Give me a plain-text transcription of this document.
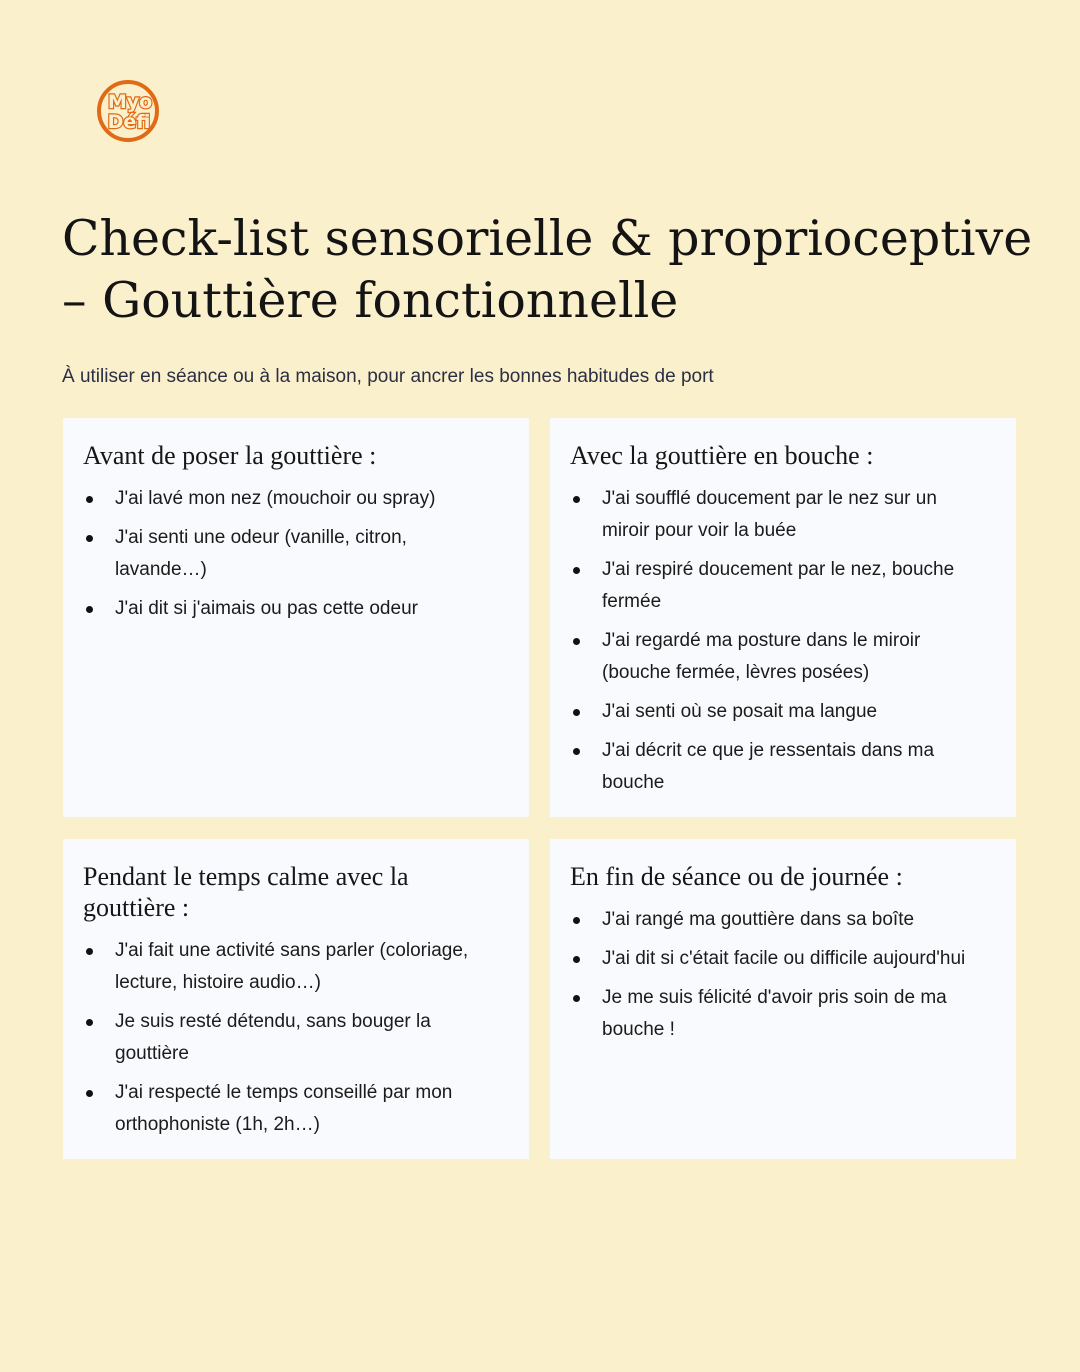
Myo
Défi
Check-list sensorielle & proprioceptive – Gouttière fonctionnelle

À utiliser en séance ou à la maison, pour ancrer les bonnes habitudes de port

Avant de poser la gouttière :
J'ai lavé mon nez (mouchoir ou spray)
J'ai senti une odeur (vanille, citron, lavande…)
J'ai dit si j'aimais ou pas cette odeur
Avec la gouttière en bouche :
J'ai soufflé doucement par le nez sur un miroir pour voir la buée
J'ai respiré doucement par le nez, bouche fermée
J'ai regardé ma posture dans le miroir (bouche fermée, lèvres posées)
J'ai senti où se posait ma langue
J'ai décrit ce que je ressentais dans ma bouche
Pendant le temps calme avec la gouttière :
J'ai fait une activité sans parler (coloriage, lecture, histoire audio…)
Je suis resté détendu, sans bouger la gouttière
J'ai respecté le temps conseillé par mon orthophoniste (1h, 2h…)
En fin de séance ou de journée :
J'ai rangé ma gouttière dans sa boîte
J'ai dit si c'était facile ou difficile aujourd'hui
Je me suis félicité d'avoir pris soin de ma bouche !
